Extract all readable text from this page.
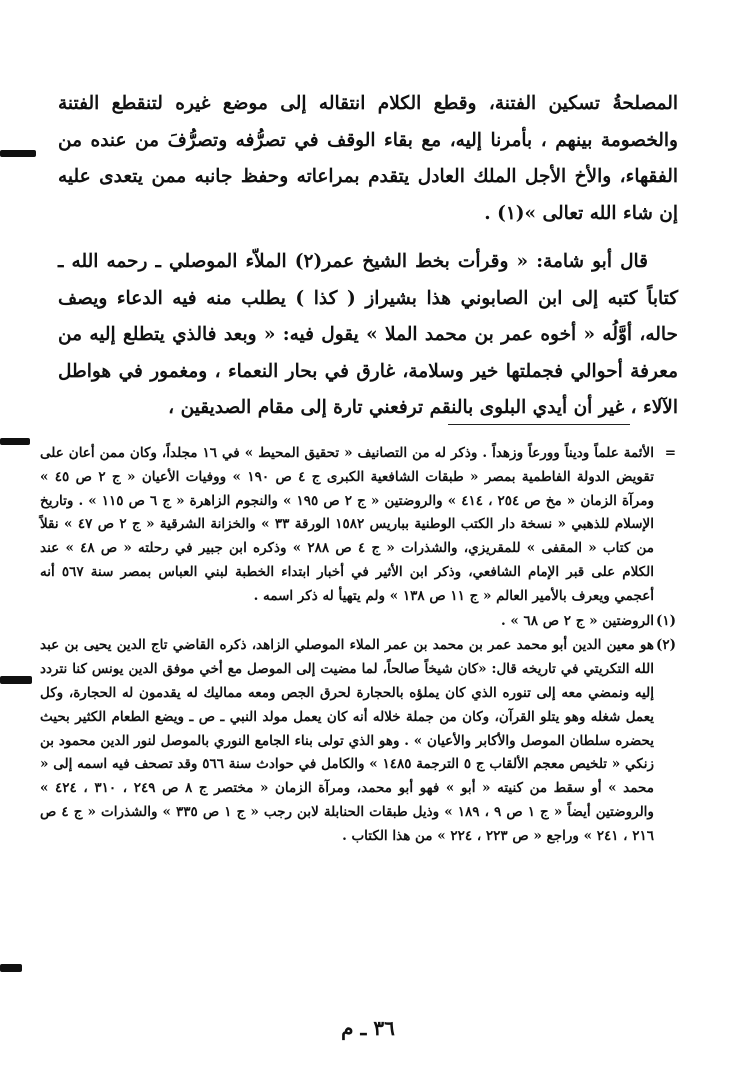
المصلحةُ تسكين الفتنة، وقطع الكلام انتقاله إلى موضع غيره لتنقطع الفتنة والخصومة بينهم ، بأمرنا إليه، مع بقاء الوقف في تصرُّفه وتصرُّفَ من عنده من الفقهاء، والأخ الأجل الملك العادل يتقدم بمراعاته وحفظ جانبه ممن يتعدى عليه إن شاء الله تعالى »(١) .

قال أبو شامة: « وقرأت بخط الشيخ عمر(٢) الملاّء الموصلي ـ رحمه الله ـ كتاباً كتبه إلى ابن الصابوني هذا بشيراز ( كذا ) يطلب منه فيه الدعاء ويصف حاله، أوَّلُه « أخوه عمر بن محمد الملا » يقول فيه: « وبعد فالذي يتطلع إليه من معرفة أحوالي فجملتها خير وسلامة، غارق في بحار النعماء ، ومغمور في هواطل الآلاء ، غير أن أيدي البلوى بالنقم ترفعني تارة إلى مقام الصديقين ،

=
الأئمة علماً وديناً وورعاً وزهداً . وذكر له من التصانيف « تحقيق المحيط » في ١٦ مجلداً، وكان ممن أعان على تقويض الدولة الفاطمية بمصر « طبقات الشافعية الكبرى ج ٤ ص ١٩٠ » ووفيات الأعيان « ج ٢ ص ٤٥ » ومرآة الزمان « مخ ص ٢٥٤ ، ٤١٤ » والروضتين « ج ٢ ص ١٩٥ » والنجوم الزاهرة « ج ٦ ص ١١٥ » . وتاريخ الإسلام للذهبي « نسخة دار الكتب الوطنية بباريس ١٥٨٢ الورقة ٣٣ » والخزانة الشرقية « ج ٢ ص ٤٧ » نقلاً من كتاب « المقفى » للمقريزي، والشذرات « ج ٤ ص ٢٨٨ » وذكره ابن جبير في رحلته « ص ٤٨ » عند الكلام على قبر الإمام الشافعي، وذكر ابن الأثير في أخبار ابتداء الخطبة لبني العباس بمصر سنة ٥٦٧ أنه أعجمي ويعرف بالأمير العالم « ج ١١ ص ١٣٨ » ولم يتهيأ له ذكر اسمه .
(١)
الروضتين « ج ٢ ص ٦٨ » .
(٢)
هو معين الدين أبو محمد عمر بن محمد بن عمر الملاء الموصلي الزاهد، ذكره القاضي تاج الدين يحيى بن عبد الله التكريتي في تاريخه قال: «كان شيخاً صالحاً، لما مضيت إلى الموصل مع أخي موفق الدين يونس كنا نتردد إليه ونمضي معه إلى تنوره الذي كان يملؤه بالحجارة لحرق الجص ومعه مماليك له يقدمون له الحجارة، وكل يعمل شغله وهو يتلو القرآن، وكان من جملة خلاله أنه كان يعمل مولد النبي ـ ص ـ ويضع الطعام الكثير بحيث يحضره سلطان الموصل والأكابر والأعيان » . وهو الذي تولى بناء الجامع النوري بالموصل لنور الدين محمود بن زنكي « تلخيص معجم الألقاب ج ٥ الترجمة ١٤٨٥ » والكامل في حوادث سنة ٥٦٦ وقد تصحف فيه اسمه إلى « محمد » أو سقط من كنيته « أبو » فهو أبو محمد، ومرآة الزمان « مختصر ج ٨ ص ٢٤٩ ، ٣١٠ ، ٤٢٤ » والروضتين أيضاً « ج ١ ص ٩ ، ١٨٩ » وذيل طبقات الحنابلة لابن رجب « ج ١ ص ٣٣٥ » والشذرات « ج ٤ ص ٢١٦ ، ٢٤١ » وراجع « ص ٢٢٣ ، ٢٢٤ » من هذا الكتاب .
٣٦ ـ م
